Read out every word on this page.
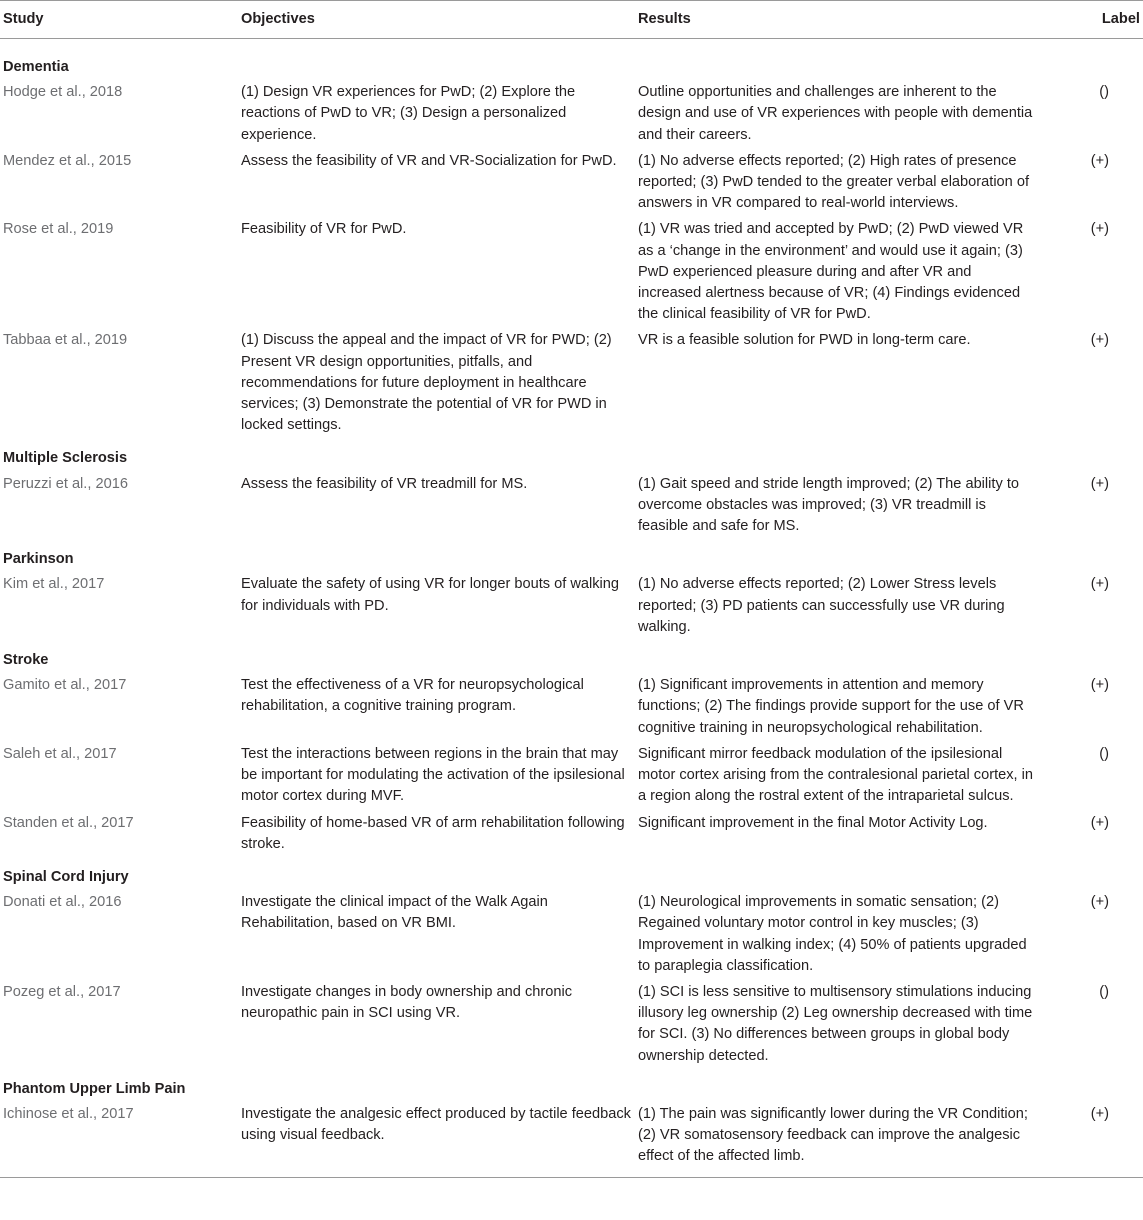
Study	Objectives	Results	Label
Dementia			
Hodge et al., 2018	(1) Design VR experiences for PwD; (2) Explore the reactions of PwD to VR; (3) Design a personalized experience.	Outline opportunities and challenges are inherent to the design and use of VR experiences with people with dementia and their careers.	()
Mendez et al., 2015	Assess the feasibility of VR and VR-Socialization for PwD.	(1) No adverse effects reported; (2) High rates of presence reported; (3) PwD tended to the greater verbal elaboration of answers in VR compared to real-world interviews.	(+)
Rose et al., 2019	Feasibility of VR for PwD.	(1) VR was tried and accepted by PwD; (2) PwD viewed VR as a ‘change in the environment’ and would use it again; (3) PwD experienced pleasure during and after VR and increased alertness because of VR; (4) Findings evidenced the clinical feasibility of VR for PwD.	(+)
Tabbaa et al., 2019	(1) Discuss the appeal and the impact of VR for PWD; (2) Present VR design opportunities, pitfalls, and recommendations for future deployment in healthcare services; (3) Demonstrate the potential of VR for PWD in locked settings.	VR is a feasible solution for PWD in long-term care.	(+)
Multiple Sclerosis			
Peruzzi et al., 2016	Assess the feasibility of VR treadmill for MS.	(1) Gait speed and stride length improved; (2) The ability to overcome obstacles was improved; (3) VR treadmill is feasible and safe for MS.	(+)
Parkinson			
Kim et al., 2017	Evaluate the safety of using VR for longer bouts of walking for individuals with PD.	(1) No adverse effects reported; (2) Lower Stress levels reported; (3) PD patients can successfully use VR during walking.	(+)
Stroke			
Gamito et al., 2017	Test the effectiveness of a VR for neuropsychological rehabilitation, a cognitive training program.	(1) Significant improvements in attention and memory functions; (2) The findings provide support for the use of VR cognitive training in neuropsychological rehabilitation.	(+)
Saleh et al., 2017	Test the interactions between regions in the brain that may be important for modulating the activation of the ipsilesional motor cortex during MVF.	Significant mirror feedback modulation of the ipsilesional motor cortex arising from the contralesional parietal cortex, in a region along the rostral extent of the intraparietal sulcus.	()
Standen et al., 2017	Feasibility of home-based VR of arm rehabilitation following stroke.	Significant improvement in the final Motor Activity Log.	(+)
Spinal Cord Injury			
Donati et al., 2016	Investigate the clinical impact of the Walk Again Rehabilitation, based on VR BMI.	(1) Neurological improvements in somatic sensation; (2) Regained voluntary motor control in key muscles; (3) Improvement in walking index; (4) 50% of patients upgraded to paraplegia classification.	(+)
Pozeg et al., 2017	Investigate changes in body ownership and chronic neuropathic pain in SCI using VR.	(1) SCI is less sensitive to multisensory stimulations inducing illusory leg ownership (2) Leg ownership decreased with time for SCI. (3) No differences between groups in global body ownership detected.	()
Phantom Upper Limb Pain			
Ichinose et al., 2017	Investigate the analgesic effect produced by tactile feedback using visual feedback.	(1) The pain was significantly lower during the VR Condition; (2) VR somatosensory feedback can improve the analgesic effect of the affected limb.	(+)
